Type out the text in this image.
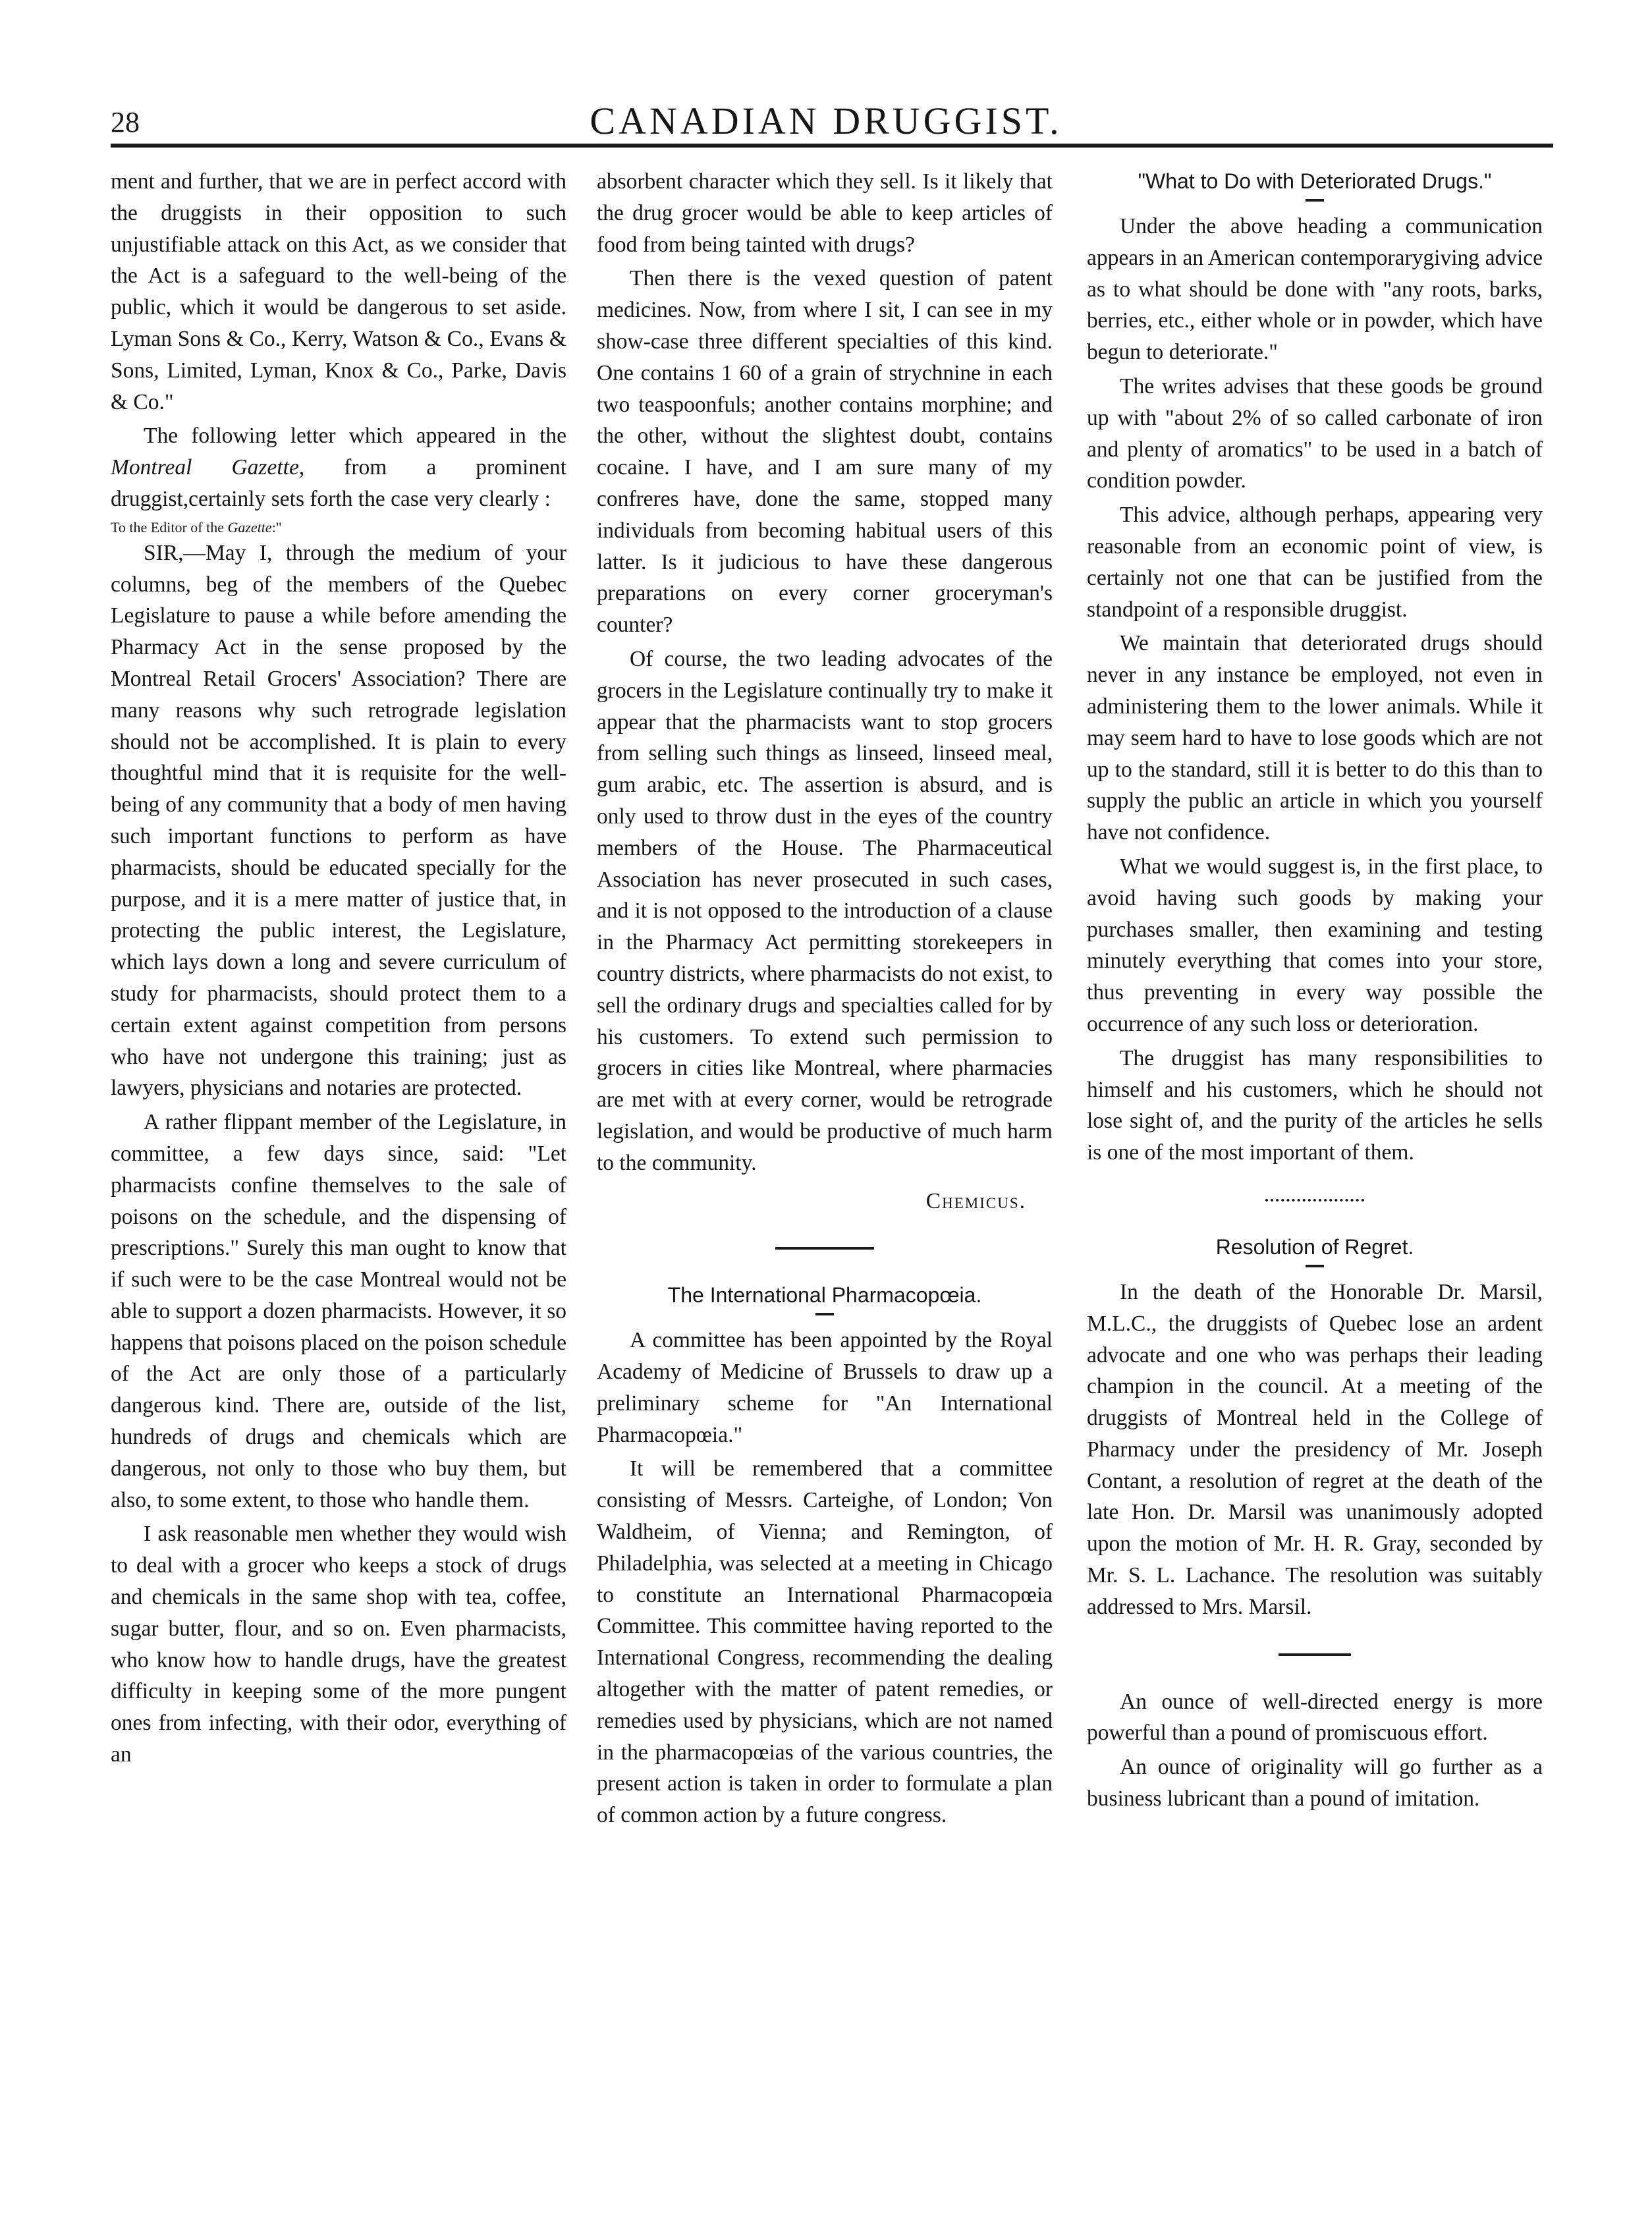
28	CANADIAN DRUGGIST.

ment and further, that we are in perfect accord with the druggists in their opposition to such unjustifiable attack on this Act, as we consider that the Act is a safeguard to the well-being of the public, which it would be dangerous to set aside. Lyman Sons & Co., Kerry, Watson & Co., Evans & Sons, Limited, Lyman, Knox & Co., Parke, Davis & Co."

The following letter which appeared in the Montreal Gazette, from a prominent druggist,certainly sets forth the case very clearly :

To the Editor of the Gazette:"

SIR,—May I, through the medium of your columns, beg of the members of the Quebec Legislature to pause a while before amending the Pharmacy Act in the sense proposed by the Montreal Retail Grocers' Association? There are many reasons why such retrograde legislation should not be accomplished. It is plain to every thoughtful mind that it is requisite for the well-being of any community that a body of men having such important functions to perform as have pharmacists, should be educated specially for the purpose, and it is a mere matter of justice that, in protecting the public interest, the Legislature, which lays down a long and severe curriculum of study for pharmacists, should protect them to a certain extent against competition from persons who have not undergone this training; just as lawyers, physicians and notaries are protected.

A rather flippant member of the Legislature, in committee, a few days since, said: "Let pharmacists confine themselves to the sale of poisons on the schedule, and the dispensing of prescriptions." Surely this man ought to know that if such were to be the case Montreal would not be able to support a dozen pharmacists. However, it so happens that poisons placed on the poison schedule of the Act are only those of a particularly dangerous kind. There are, outside of the list, hundreds of drugs and chemicals which are dangerous, not only to those who buy them, but also, to some extent, to those who handle them.

I ask reasonable men whether they would wish to deal with a grocer who keeps a stock of drugs and chemicals in the same shop with tea, coffee, sugar butter, flour, and so on. Even pharmacists, who know how to handle drugs, have the greatest difficulty in keeping some of the more pungent ones from infecting, with their odor, everything of an

absorbent character which they sell. Is it likely that the drug grocer would be able to keep articles of food from being tainted with drugs?

Then there is the vexed question of patent medicines. Now, from where I sit, I can see in my show-case three different specialties of this kind. One contains 1 60 of a grain of strychnine in each two teaspoonfuls; another contains morphine; and the other, without the slightest doubt, contains cocaine. I have, and I am sure many of my confreres have, done the same, stopped many individuals from becoming habitual users of this latter. Is it judicious to have these dangerous preparations on every corner groceryman's counter?

Of course, the two leading advocates of the grocers in the Legislature continually try to make it appear that the pharmacists want to stop grocers from selling such things as linseed, linseed meal, gum arabic, etc. The assertion is absurd, and is only used to throw dust in the eyes of the country members of the House. The Pharmaceutical Association has never prosecuted in such cases, and it is not opposed to the introduction of a clause in the Pharmacy Act permitting storekeepers in country districts, where pharmacists do not exist, to sell the ordinary drugs and specialties called for by his customers. To extend such permission to grocers in cities like Montreal, where pharmacies are met with at every corner, would be retrograde legislation, and would be productive of much harm to the community.

Chemicus.
The International Pharmacopœia.

A committee has been appointed by the Royal Academy of Medicine of Brussels to draw up a preliminary scheme for "An International Pharmacopœia."

It will be remembered that a committee consisting of Messrs. Carteighe, of London; Von Waldheim, of Vienna; and Remington, of Philadelphia, was selected at a meeting in Chicago to constitute an International Pharmacopœia Committee. This committee having reported to the International Congress, recommending the dealing altogether with the matter of patent remedies, or remedies used by physicians, which are not named in the pharmacopœias of the various countries, the present action is taken in order to formulate a plan of common action by a future congress.

"What to Do with Deteriorated Drugs."

Under the above heading a communication appears in an American contemporarygiving advice as to what should be done with "any roots, barks, berries, etc., either whole or in powder, which have begun to deteriorate."

The writes advises that these goods be ground up with "about 2% of so called carbonate of iron and plenty of aromatics" to be used in a batch of condition powder.

This advice, although perhaps, appearing very reasonable from an economic point of view, is certainly not one that can be justified from the standpoint of a responsible druggist.

We maintain that deteriorated drugs should never in any instance be employed, not even in administering them to the lower animals. While it may seem hard to have to lose goods which are not up to the standard, still it is better to do this than to supply the public an article in which you yourself have not confidence.

What we would suggest is, in the first place, to avoid having such goods by making your purchases smaller, then examining and testing minutely everything that comes into your store, thus preventing in every way possible the occurrence of any such loss or deterioration.

The druggist has many responsibilities to himself and his customers, which he should not lose sight of, and the purity of the articles he sells is one of the most important of them.

Resolution of Regret.

In the death of the Honorable Dr. Marsil, M.L.C., the druggists of Quebec lose an ardent advocate and one who was perhaps their leading champion in the council. At a meeting of the druggists of Montreal held in the College of Pharmacy under the presidency of Mr. Joseph Contant, a resolution of regret at the death of the late Hon. Dr. Marsil was unanimously adopted upon the motion of Mr. H. R. Gray, seconded by Mr. S. L. Lachance. The resolution was suitably addressed to Mrs. Marsil.

An ounce of well-directed energy is more powerful than a pound of promiscuous effort.

An ounce of originality will go further as a business lubricant than a pound of imitation.
